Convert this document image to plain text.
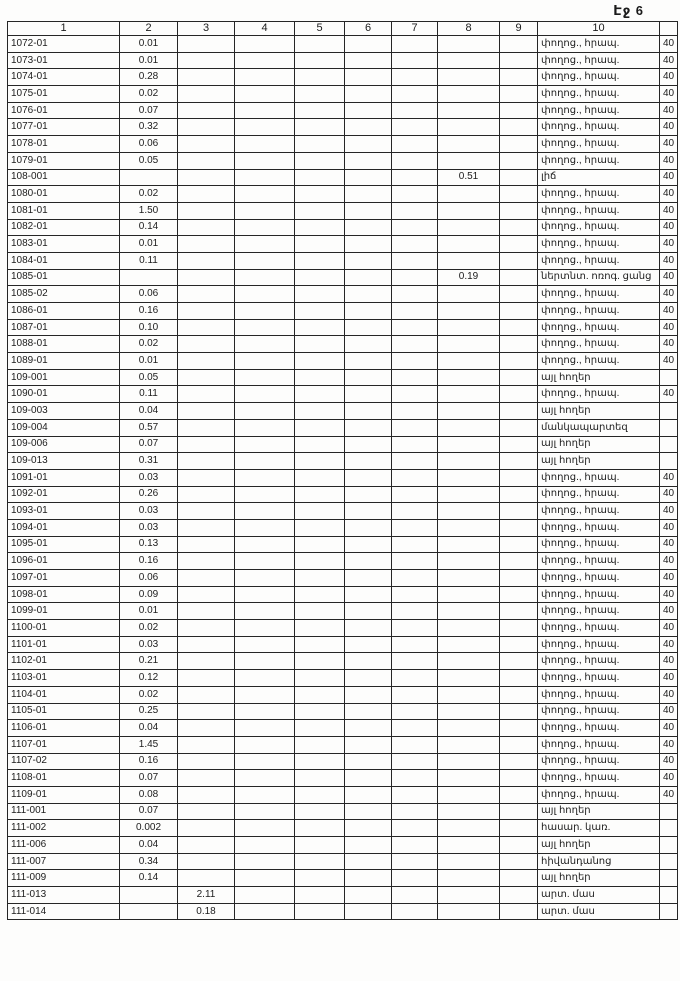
Էջ 6
1	2	3	4	5	6	7	8	9	10	
1072-01	0.01								փողոց., հրապ.	40
1073-01	0.01								փողոց., հրապ.	40
1074-01	0.28								փողոց., հրապ.	40
1075-01	0.02								փողոց., հրապ.	40
1076-01	0.07								փողոց., հրապ.	40
1077-01	0.32								փողոց., հրապ.	40
1078-01	0.06								փողոց., հրապ.	40
1079-01	0.05								փողոց., հրապ.	40
108-001							0.51		լիճ	40
1080-01	0.02								փողոց., հրապ.	40
1081-01	1.50								փողոց., հրապ.	40
1082-01	0.14								փողոց., հրապ.	40
1083-01	0.01								փողոց., հրապ.	40
1084-01	0.11								փողոց., հրապ.	40
1085-01							0.19		ներտնտ. ոռոգ. ցանց	40
1085-02	0.06								փողոց., հրապ.	40
1086-01	0.16								փողոց., հրապ.	40
1087-01	0.10								փողոց., հրապ.	40
1088-01	0.02								փողոց., հրապ.	40
1089-01	0.01								փողոց., հրապ.	40
109-001	0.05								այլ հողեր	
1090-01	0.11								փողոց., հրապ.	40
109-003	0.04								այլ հողեր	
109-004	0.57								մանկապարտեզ	
109-006	0.07								այլ հողեր	
109-013	0.31								այլ հողեր	
1091-01	0.03								փողոց., հրապ.	40
1092-01	0.26								փողոց., հրապ.	40
1093-01	0.03								փողոց., հրապ.	40
1094-01	0.03								փողոց., հրապ.	40
1095-01	0.13								փողոց., հրապ.	40
1096-01	0.16								փողոց., հրապ.	40
1097-01	0.06								փողոց., հրապ.	40
1098-01	0.09								փողոց., հրապ.	40
1099-01	0.01								փողոց., հրապ.	40
1100-01	0.02								փողոց., հրապ.	40
1101-01	0.03								փողոց., հրապ.	40
1102-01	0.21								փողոց., հրապ.	40
1103-01	0.12								փողոց., հրապ.	40
1104-01	0.02								փողոց., հրապ.	40
1105-01	0.25								փողոց., հրապ.	40
1106-01	0.04								փողոց., հրապ.	40
1107-01	1.45								փողոց., հրապ.	40
1107-02	0.16								փողոց., հրապ.	40
1108-01	0.07								փողոց., հրապ.	40
1109-01	0.08								փողոց., հրապ.	40
111-001	0.07								այլ հողեր	
111-002	0.002								հասար. կառ.	
111-006	0.04								այլ հողեր	
111-007	0.34								հիվանդանոց	
111-009	0.14								այլ հողեր	
111-013		2.11							արտ. մաս	
111-014		0.18							արտ. մաս	
